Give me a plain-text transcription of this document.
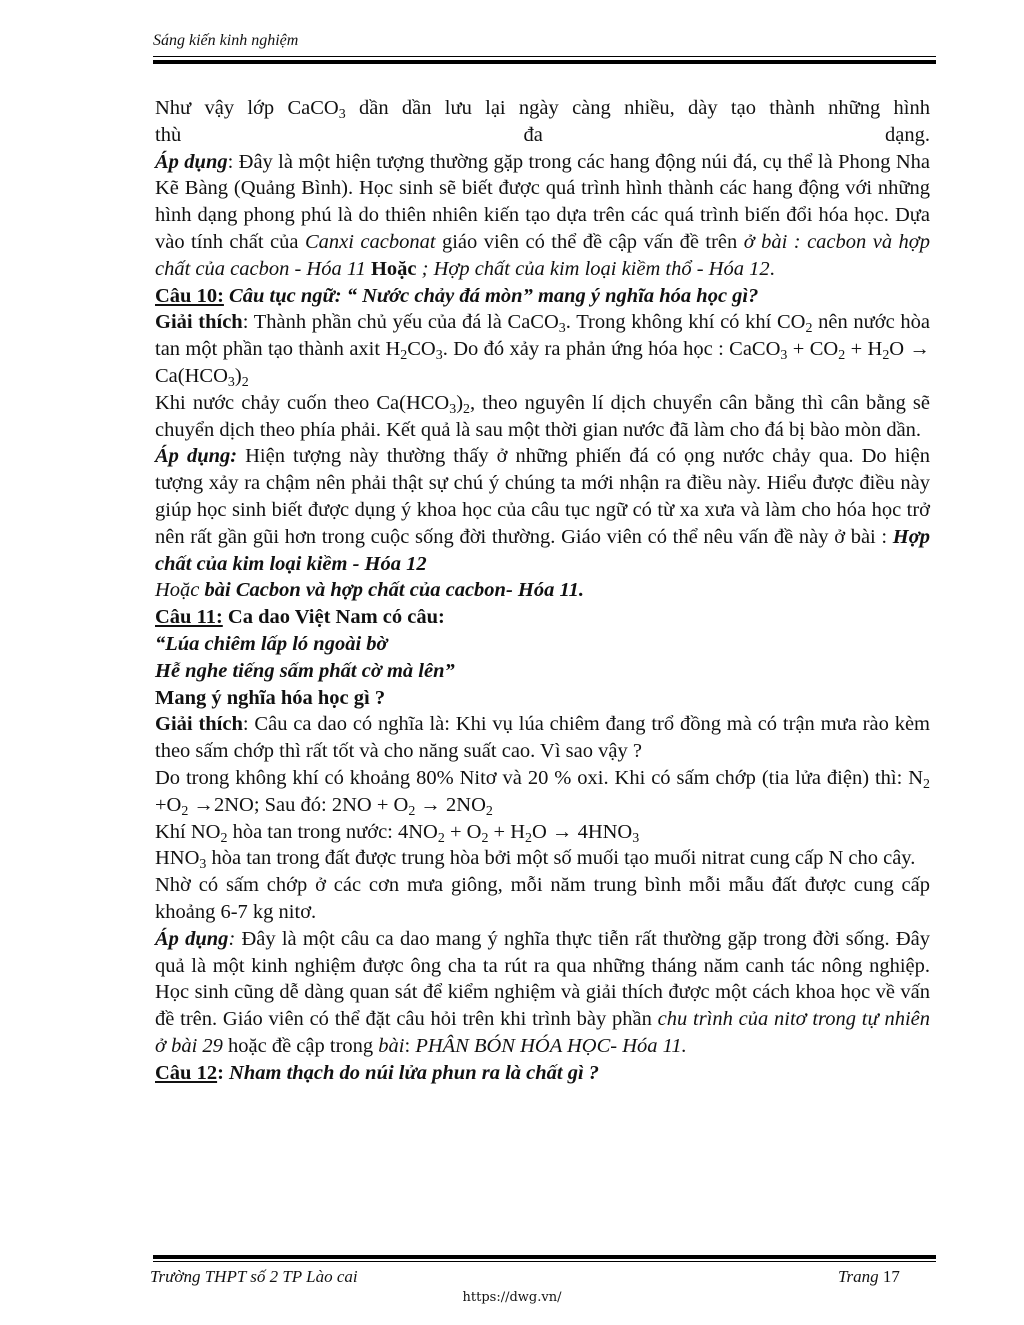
Sáng kiến kinh nghiệm

Như vậy lớp CaCO$_3$ dần dần lưu lại ngày càng nhiều, dày tạo thành những hình

thù	đa	dạng.

Áp dụng: Đây là một hiện tượng thường gặp trong các hang động núi đá, cụ thể là Phong Nha Kẽ Bàng (Quảng Bình). Học sinh sẽ biết được quá trình hình thành các hang động với những hình dạng phong phú là do thiên nhiên kiến tạo dựa trên các quá trình biến đổi hóa học. Dựa vào tính chất của Canxi cacbonat giáo viên có thể đề cập vấn đề trên ở bài : cacbon và hợp chất của cacbon - Hóa 11 Hoặc ; Hợp chất của kim loại kiềm thổ - Hóa 12.

Câu 10: Câu tục ngữ: “ Nước chảy đá mòn” mang ý nghĩa hóa học gì?

Giải thích: Thành phần chủ yếu của đá là CaCO$_3$. Trong không khí có khí $CO_2$ nên nước hòa tan một phần tạo thành axit $H_2CO_3$. Do đó xảy ra phản ứng hóa học : CaCO$_3$ + $CO_2 + H_2O \to Ca(HCO_3)_2$

Khi nước chảy cuốn theo $Ca(HCO_3)_2$, theo nguyên lí dịch chuyển cân bằng thì cân bằng sẽ chuyển dịch theo phía phải. Kết quả là sau một thời gian nước đã làm cho đá bị bào mòn dần.

Áp dụng: Hiện tượng này thường thấy ở những phiến đá có ọng nước chảy qua. Do hiện tượng xảy ra chậm nên phải thật sự chú ý chúng ta mới nhận ra điều này. Hiểu được điều này giúp học sinh biết được dụng ý khoa học của câu tục ngữ có từ xa xưa và làm cho hóa học trở nên rất gần gũi hơn trong cuộc sống đời thường. Giáo viên có thể nêu vấn đề này ở bài : Hợp chất của kim loại kiềm - Hóa 12
Hoặc bài Cacbon và hợp chất của cacbon- Hóa 11.

Câu 11: Ca dao Việt Nam có câu:

“Lúa chiêm lấp ló ngoài bờ

Hễ nghe tiếng sấm phất cờ mà lên”

Mang ý nghĩa hóa học gì ?

Giải thích: Câu ca dao có nghĩa là: Khi vụ lúa chiêm đang trổ đồng mà có trận mưa rào kèm theo sấm chớp thì rất tốt và cho năng suất cao. Vì sao vậy ?

Do trong không khí có khoảng 80% Nitơ và 20 % oxi. Khi có sấm chớp (tia lửa điện) thì: $N_2 +O_2 \to 2NO$; Sau đó: $2NO + O_2 \to 2NO_2$

Khí $NO_2$ hòa tan trong nước: $4NO_2 + O_2 + H_2O \to 4HNO_3$

$HNO_3$ hòa tan trong đất được trung hòa bởi một số muối tạo muối nitrat cung cấp N cho cây.

Nhờ có sấm chớp ở các cơn mưa giông, mỗi năm trung bình mỗi mẫu đất được cung cấp khoảng 6-7 kg nitơ.

Áp dụng: Đây là một câu ca dao mang ý nghĩa thực tiễn rất thường gặp trong đời sống. Đây quả là một kinh nghiệm được ông cha ta rút ra qua những tháng năm canh tác nông nghiệp. Học sinh cũng dễ dàng quan sát để kiểm nghiệm và giải thích được một cách khoa học về vấn đề trên. Giáo viên có thể đặt câu hỏi trên khi trình bày phần chu trình của nitơ trong tự nhiên ở bài 29 hoặc đề cập trong bài: PHÂN BÓN HÓA HỌC- Hóa 11.

Câu 12: Nham thạch do núi lửa phun ra là chất gì ?

Trường THPT số 2 TP Lào cai	Trang 17
https://dwg.vn/
